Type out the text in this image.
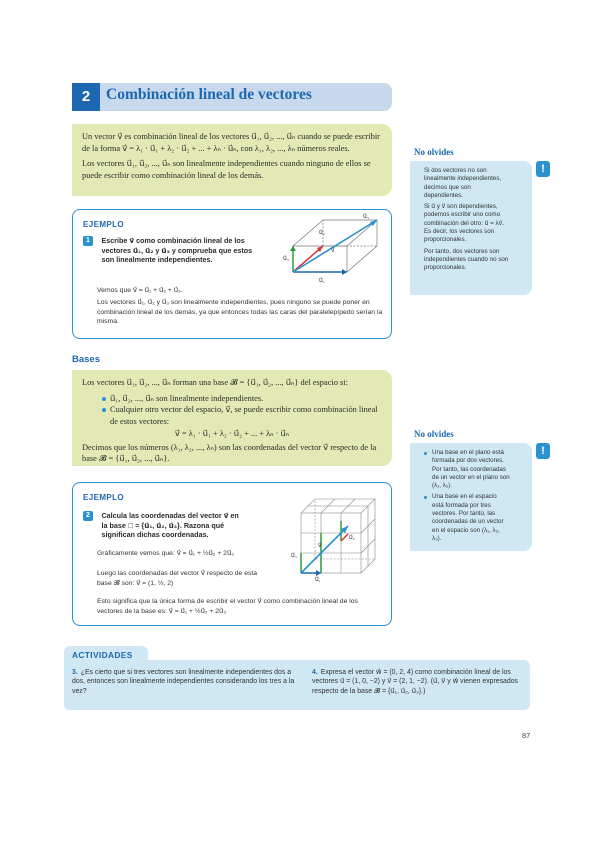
2	Combinación lineal de vectores

Un vector v⃗ es combinación lineal de los vectores u⃗₁, u⃗₂, ..., u⃗ₙ cuando se puede escribir de la forma v⃗ = λ₁ · u⃗₁ + λ₂ · u⃗₂ + ... + λₙ · u⃗ₙ, con λ₁, λ₂, ..., λₙ números reales.

Los vectores u⃗₁, u⃗₂, ..., u⃗ₙ son linealmente independientes cuando ninguno de ellos se puede escribir como combinación lineal de los demás.

EJEMPLO
1 Escribe v⃗ como combinación lineal de los vectores u⃗₁, u⃗₂ y u⃗₃ y comprueba que estos son linealmente independientes.
Vemos que v⃗ = u⃗₁ + u⃗₂ + u⃗₃.
Los vectores u⃗₁, u⃗₂ y u⃗₃ son linealmente independientes, pues ninguno se puede poner en combinación lineal de los demás, ya que entonces todas las caras del paralelepípedo serían la misma.
u⃗₃
u⃗₂
v⃗
u⃗₃
u⃗₁
No olvides

Si dos vectores no son linealmente independientes, decimos que son dependientes.

Si u⃗ y v⃗ son dependientes, podemos escribir uno como combinación del otro: u⃗ = λv⃗. Es decir, los vectores son proporcionales.

Por tanto, dos vectores son independientes cuando no son proporcionales.

!
Bases

Los vectores u⃗₁, u⃗₂, ..., u⃗ₙ forman una base 𝓑 = {u⃗₁, u⃗₂, ..., u⃗ₙ} del espacio si:

u⃗₁, u⃗₂, ..., u⃗ₙ son linealmente independientes.

Cualquier otro vector del espacio, v⃗, se puede escribir como combinación lineal de estos vectores:

v⃗ = λ₁ · u⃗₁ + λ₂ · u⃗₂ + ... + λₙ · u⃗ₙ

Decimos que los números (λ₁, λ₂, ..., λₙ) son las coordenadas del vector v⃗ respecto de la base 𝓑 = {u⃗₁, u⃗₂, ..., u⃗ₙ}.

EJEMPLO
2 Calcula las coordenadas del vector v⃗ en la base 𝓑 = {u⃗₁, u⃗₂, u⃗₃}. Razona qué significan dichas coordenadas.
Gráficamente vemos que: v⃗ = u⃗₁ + ½u⃗₂ + 2u⃗₃
Luego las coordenadas del vector v⃗ respecto de esta base 𝓑 son: v⃗ = (1, ½, 2)
Esto significa que la única forma de escribir el vector v⃗ como combinación lineal de los vectores de la base es: v⃗ = u⃗₁ + ½u⃗₂ + 2u⃗₃
u⃗₃
v⃗
u⃗₂
u⃗₁
No olvides

Una base en el plano está formada por dos vectores. Por tanto, las coordenadas de un vector en el plano son (λ₁, λ₂).

Una base en el espacio está formada por tres vectores. Por tanto, las coordenadas de un vector en el espacio son (λ₁, λ₂, λ₃).

!
ACTIVIDADES
3. ¿Es cierto que si tres vectores son linealmente independientes dos a dos, entonces son linealmente independientes considerando los tres a la vez?
4. Expresa el vector w⃗ = (0, 2, 4) como combinación lineal de los vectores u⃗ = (1, 0, −2) y v⃗ = (2, 1, −2). (u⃗, v⃗ y w⃗ vienen expresados respecto de la base 𝓑 = {u⃗₁, u⃗₂, u⃗₃}.)
87
